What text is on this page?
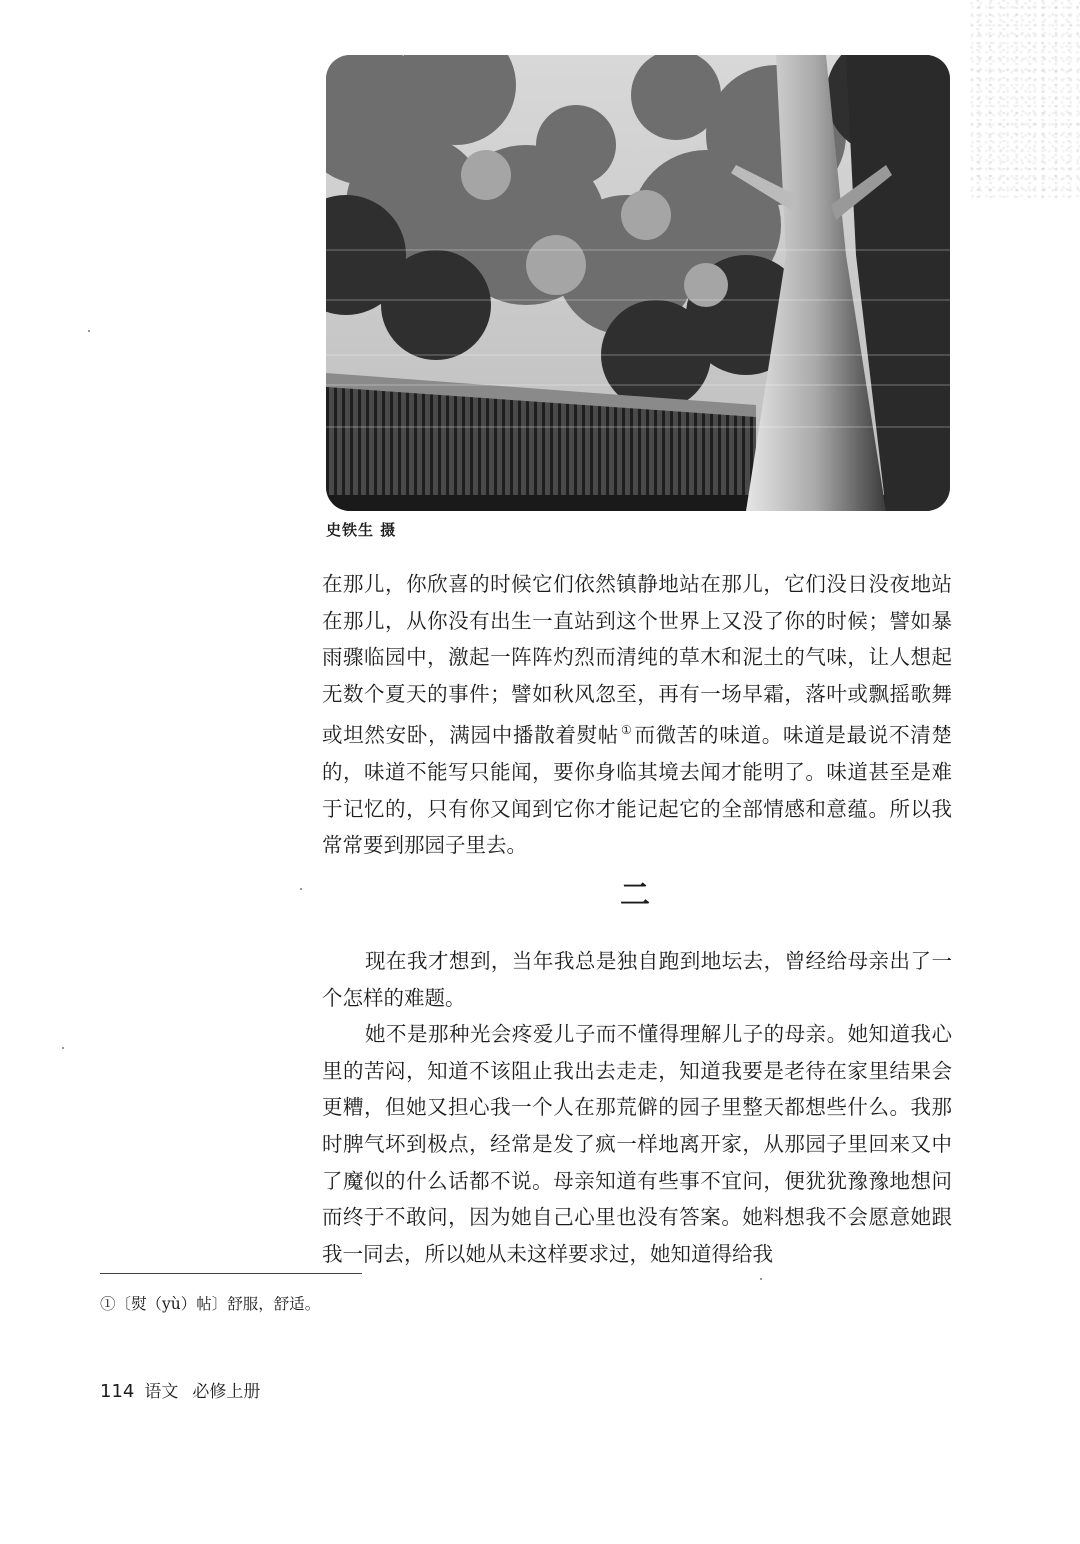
史铁生 摄

在那儿，你欣喜的时候它们依然镇静地站在那儿，它们没日没夜地站在那儿，从你没有出生一直站到这个世界上又没了你的时候；譬如暴雨骤临园中，激起一阵阵灼烈而清纯的草木和泥土的气味，让人想起无数个夏天的事件；譬如秋风忽至，再有一场早霜，落叶或飘摇歌舞或坦然安卧，满园中播散着熨帖 ①而微苦的味道。味道是最说不清楚的，味道不能写只能闻，要你身临其境去闻才能明了。味道甚至是难于记忆的，只有你又闻到它你才能记起它的全部情感和意蕴。所以我常常要到那园子里去。

二

现在我才想到，当年我总是独自跑到地坛去，曾经给母亲出了一个怎样的难题。

她不是那种光会疼爱儿子而不懂得理解儿子的母亲。她知道我心里的苦闷，知道不该阻止我出去走走，知道我要是老待在家里结果会更糟，但她又担心我一个人在那荒僻的园子里整天都想些什么。我那时脾气坏到极点，经常是发了疯一样地离开家，从那园子里回来又中了魔似的什么话都不说。母亲知道有些事不宜问，便犹犹豫豫地想问而终于不敢问，因为她自己心里也没有答案。她料想我不会愿意她跟我一同去，所以她从未这样要求过，她知道得给我

①〔熨（yù）帖〕舒服，舒适。
114 语文 必修上册
